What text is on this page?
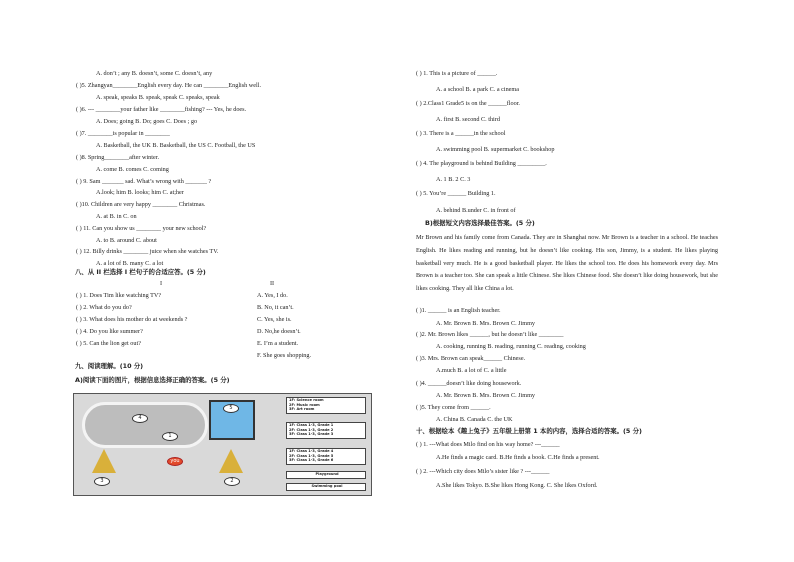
A. don’t ; any B. doesn’t, some C. doesn’t, any
( )5. Zhangyan________English every day. He can ________English well.
A. speak, speaks B. speak, speak C. speaks, speak
( )6. --- ________your father like ________fishing? --- Yes, he does.
A. Does; going B. Do; goes C. Does ; go
( )7. ________is popular in ________
A. Basketball, the UK B. Basketball, the US C. Football, the US
( )8. Spring________after winter.
A. come B. comes C. coming
( ) 9. Sam _______ sad. What’s wrong with _______ ?
A.look; him B. looks; him C. at;her
( )10. Children are very happy ________ Christmas.
A. at B. in C. on
( ) 11. Can you show us ________ your new school?
A. to B. around C. about
( ) 12. Billy drinks ________ juice when she watches TV.
A. a lot of B. many C. a lot
八、从 II 栏选择 I 栏句子的合适应答。(5 分)
I	II
( ) 1. Does Tim like watching TV?	A. Yes, I do.
( ) 2. What do you do?	B. No, it can’t.
( ) 3. What does his mother do at weekends ?	C. Yes, she is.
( ) 4. Do you like summer?	D. No,he doesn’t.
( ) 5. Can the lion get out?	E. I’m a student.
F. She goes shopping.
九、阅读理解。(10 分)
A)阅读下面的图片，根据信息选择正确的答案。(5 分)
4
5
3	2
1
you
1F: Science room
2F: Music room
3F: Art room
1F: Class 1-3, Grade 1
2F: Class 1-3, Grade 2
3F: Class 1-3, Grade 3
1F: Class 1-3, Grade 4
2F: Class 1-3, Grade 5
3F: Class 1-3, Grade 6
Playground
Swimming pool
( ) 1. This is a picture of ______.
A. a school B. a park C. a cinema
( ) 2.Class1 Grade5 is on the ______floor.
A. first B. second C. third
( ) 3. There is a ______in the school
A. swimming pool B. supermarket C. bookshop
( ) 4. The playground is behind Building _________.
A. 1 B. 2 C. 3
( ) 5. You’re ______ Building 1.
A. behind B.under C. in front of
B)根据短文内容选择最佳答案。(5 分)
Mr Brown and his family come from Canada. They are in Shanghai now. Mr Brown is a teacher in a school. He teaches English. He likes reading and running, but he doesn’t like cooking. His son, Jimmy, is a student. He likes playing basketball very much. He is a good basketball player. He likes the school too. He does his homework every day. Mrs Brown is a teacher too. She can speak a little Chinese. She likes Chinese food. She doesn’t like doing housework, but she likes cooking. They all like China a lot.
( )1. ______ is an English teacher.
A. Mr. Brown B. Mrs. Brown C. Jimmy
( )2. Mr. Brown likes ______, but he doesn’t like ________
A. cooking, running B. reading, running C. reading, cooking
( )3. Mrs. Brown can speak______ Chinese.
A.much B. a lot of C. a little
( )4. ______doesn’t like doing housework.
A. Mr. Brown B. Mrs. Brown C. Jimmy
( )5. They come from ______.
A. China B. Canada C. the UK
十、根据绘本《趣上兔子》五年级上册第 1 本的内容，选择合适的答案。(5 分)
( ) 1. ---What does Milo find on his way home? ---______
A.He finds a magic card. B.He finds a book. C.He finds a present.
( ) 2. ---Which city does Milo’s sister like ? ---______
A.She likes Tokyo. B.She likes Hong Kong. C. She likes Oxford.
